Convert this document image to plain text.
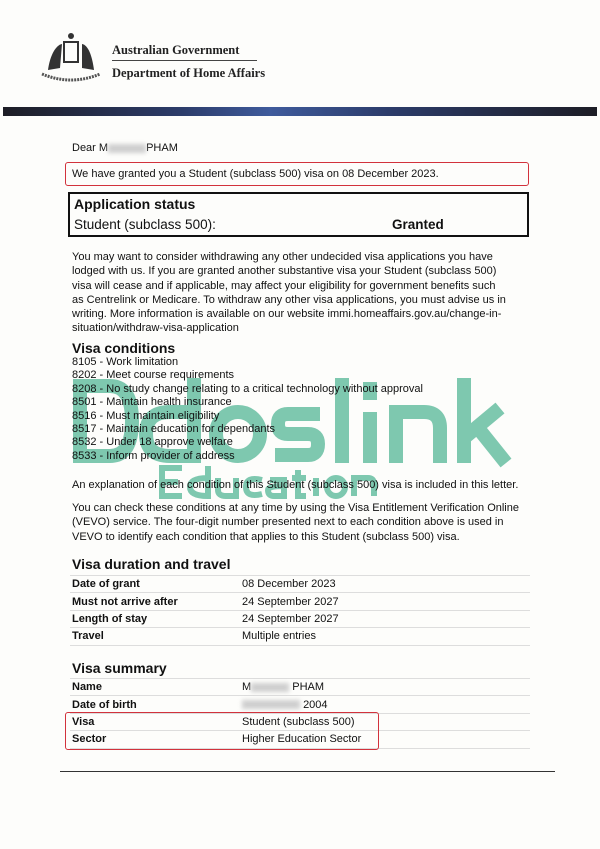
Australian Government
Department of Home Affairs
Dear M	PHAM
We have granted you a Student (subclass 500) visa on 08 December 2023.
Application status
Student (subclass 500):	Granted
You may want to consider withdrawing any other undecided visa applications you have
lodged with us. If you are granted another substantive visa your Student (subclass 500)
visa will cease and if applicable, may affect your eligibility for government benefits such
as Centrelink or Medicare. To withdraw any other visa applications, you must advise us in
writing. More information is available on our website immi.homeaffairs.gov.au/change-in-
situation/withdraw-visa-application
Visa conditions
8105 - Work limitation
8202 - Meet course requirements
8208 - No study change relating to a critical technology without approval
8501 - Maintain health insurance
8516 - Must maintain eligibility
8517 - Maintain education for dependants
8532 - Under 18 approve welfare
8533 - Inform provider of address
An explanation of each condition of this Student (subclass 500) visa is included in this letter.
You can check these conditions at any time by using the Visa Entitlement Verification Online
(VEVO) service. The four-digit number presented next to each condition above is used in
VEVO to identify each condition that applies to this Student (subclass 500) visa.
Visa duration and travel
Date of grant	08 December 2023
Must not arrive after	24 September 2027
Length of stay	24 September 2027
Travel	Multiple entries
Visa summary
Name	M PHAM
Date of birth	2004
Visa	Student (subclass 500)
Sector	Higher Education Sector
